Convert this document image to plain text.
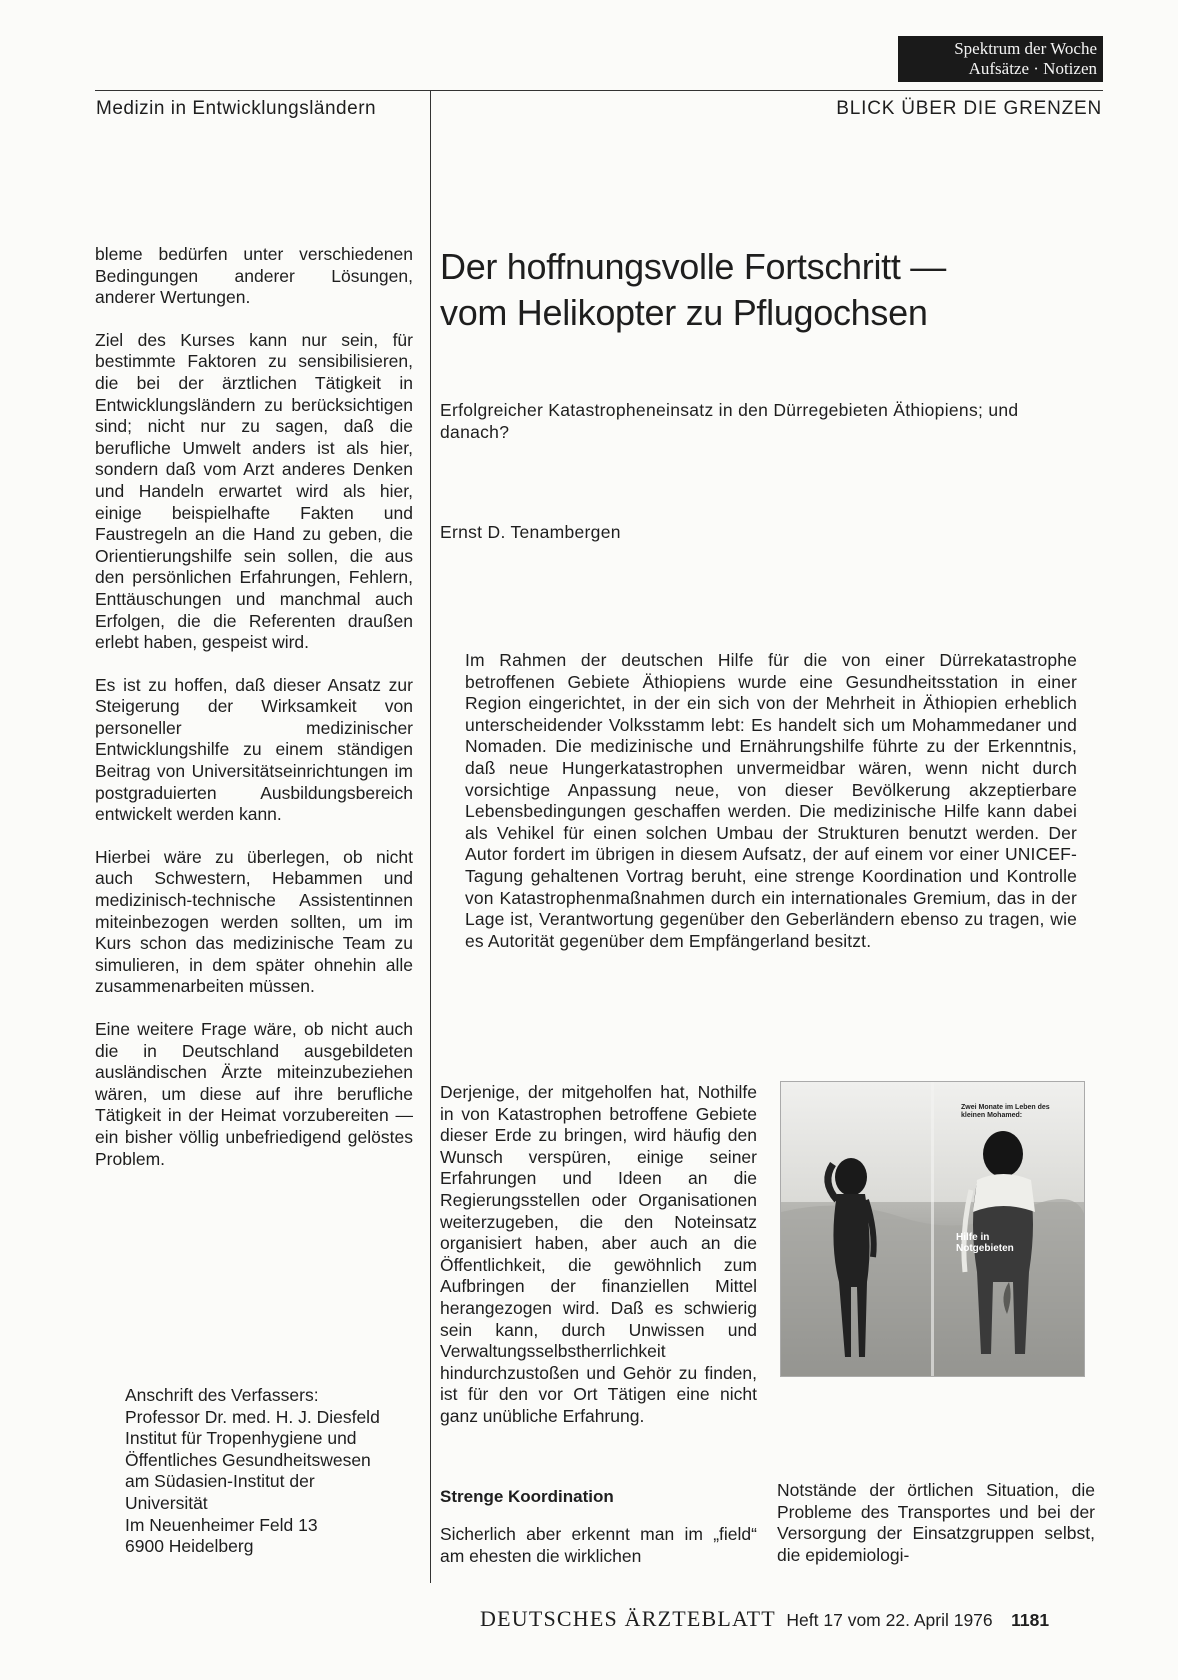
Spektrum der Woche
Aufsätze · Notizen
Medizin in Entwicklungsländern	BLICK ÜBER DIE GRENZEN

bleme bedürfen unter verschiedenen Bedingungen anderer Lösungen, anderer Wertungen.

Ziel des Kurses kann nur sein, für bestimmte Faktoren zu sensibilisieren, die bei der ärztlichen Tätigkeit in Entwicklungsländern zu berücksichtigen sind; nicht nur zu sagen, daß die berufliche Umwelt anders ist als hier, sondern daß vom Arzt anderes Denken und Handeln erwartet wird als hier, einige beispielhafte Fakten und Faustregeln an die Hand zu geben, die Orientierungshilfe sein sollen, die aus den persönlichen Erfahrungen, Fehlern, Enttäuschungen und manchmal auch Erfolgen, die die Referenten draußen erlebt haben, gespeist wird.

Es ist zu hoffen, daß dieser Ansatz zur Steigerung der Wirksamkeit von personeller medizinischer Entwicklungshilfe zu einem ständigen Beitrag von Universitätseinrichtungen im postgraduierten Ausbildungsbereich entwickelt werden kann.

Hierbei wäre zu überlegen, ob nicht auch Schwestern, Hebammen und medizinisch-technische Assistentinnen miteinbezogen werden sollten, um im Kurs schon das medizinische Team zu simulieren, in dem später ohnehin alle zusammenarbeiten müssen.

Eine weitere Frage wäre, ob nicht auch die in Deutschland ausgebildeten ausländischen Ärzte miteinzubeziehen wären, um diese auf ihre berufliche Tätigkeit in der Heimat vorzubereiten — ein bisher völlig unbefriedigend gelöstes Problem.

Anschrift des Verfassers:
Professor Dr. med. H. J. Diesfeld
Institut für Tropenhygiene und
Öffentliches Gesundheitswesen
am Südasien-Institut der
Universität
Im Neuenheimer Feld 13
6900 Heidelberg
Der hoffnungsvolle Fortschritt —
vom Helikopter zu Pflugochsen
Erfolgreicher Katastropheneinsatz in den Dürregebieten Äthiopiens; und danach?
Ernst D. Tenambergen
Im Rahmen der deutschen Hilfe für die von einer Dürrekatastrophe betroffenen Gebiete Äthiopiens wurde eine Gesundheitsstation in einer Region eingerichtet, in der ein sich von der Mehrheit in Äthiopien erheblich unterscheidender Volksstamm lebt: Es handelt sich um Mohammedaner und Nomaden. Die medizinische und Ernährungshilfe führte zu der Erkenntnis, daß neue Hungerkatastrophen unvermeidbar wären, wenn nicht durch vorsichtige Anpassung neue, von dieser Bevölkerung akzeptierbare Lebensbedingungen geschaffen werden. Die medizinische Hilfe kann dabei als Vehikel für einen solchen Umbau der Strukturen benutzt werden. Der Autor fordert im übrigen in diesem Aufsatz, der auf einem vor einer UNICEF-Tagung gehaltenen Vortrag beruht, eine strenge Koordination und Kontrolle von Katastrophenmaßnahmen durch ein internationales Gremium, das in der Lage ist, Verantwortung gegenüber den Geberländern ebenso zu tragen, wie es Autorität gegenüber dem Empfängerland besitzt.
Derjenige, der mitgeholfen hat, Nothilfe in von Katastrophen betroffene Gebiete dieser Erde zu bringen, wird häufig den Wunsch verspüren, einige seiner Erfahrungen und Ideen an die Regierungsstellen oder Organisationen weiterzugeben, die den Noteinsatz organisiert haben, aber auch an die Öffentlichkeit, die gewöhnlich zum Aufbringen der finanziellen Mittel herangezogen wird. Daß es schwierig sein kann, durch Unwissen und Verwaltungsselbstherrlichkeit hindurchzustoßen und Gehör zu finden, ist für den vor Ort Tätigen eine nicht ganz unübliche Erfahrung.
Zwei Monate im Leben des kleinen Mohamed:
Hilfe in Notgebieten
Strenge Koordination
Sicherlich aber erkennt man im „field“ am ehesten die wirklichen
Notstände der örtlichen Situation, die Probleme des Transportes und bei der Versorgung der Einsatzgruppen selbst, die epidemiologi-
DEUTSCHES ÄRZTEBLATT Heft 17 vom 22. April 1976 1181
